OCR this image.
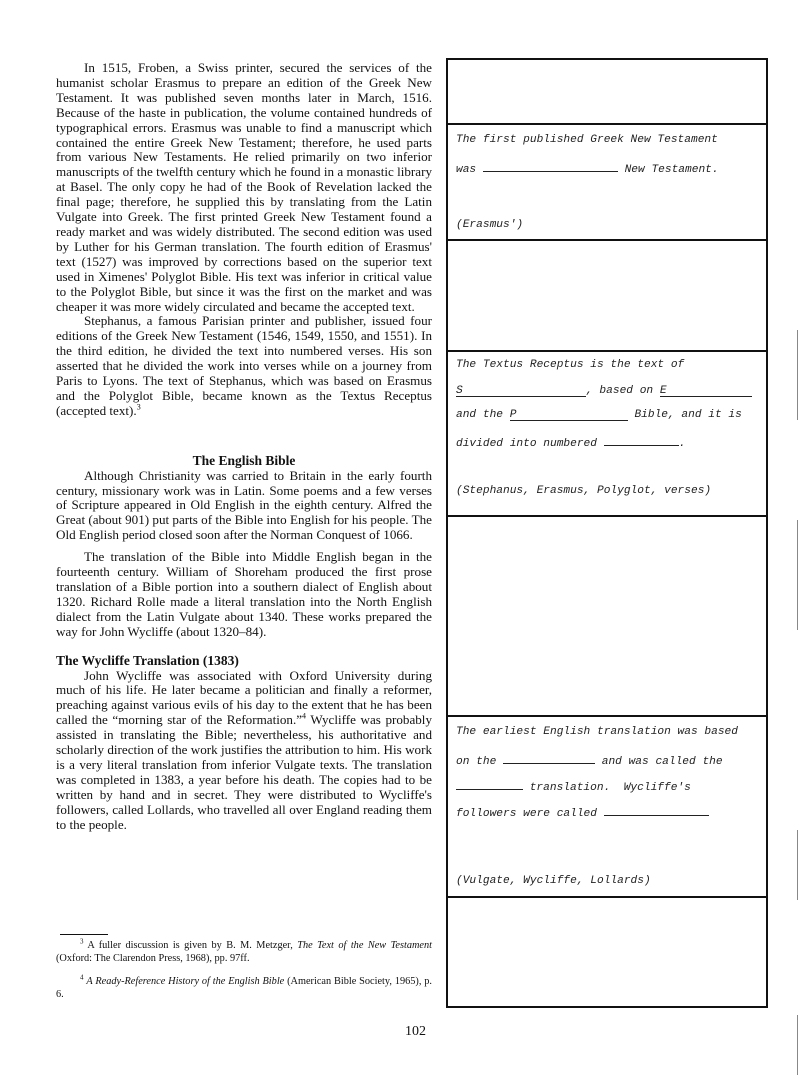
In 1515, Froben, a Swiss printer, secured the services of the humanist scholar Erasmus to prepare an edition of the Greek New Testament. It was published seven months later in March, 1516. Because of the haste in publication, the volume contained hundreds of typographical errors. Erasmus was unable to find a manuscript which contained the entire Greek New Testament; therefore, he used parts from various New Testaments. He relied primarily on two inferior manuscripts of the twelfth century which he found in a monastic library at Basel. The only copy he had of the Book of Revelation lacked the final page; therefore, he supplied this by translating from the Latin Vulgate into Greek. The first printed Greek New Testament found a ready market and was widely distributed. The second edition was used by Luther for his German translation. The fourth edition of Erasmus' text (1527) was improved by corrections based on the superior text used in Ximenes' Polyglot Bible. His text was inferior in critical value to the Polyglot Bible, but since it was the first on the market and was cheaper it was more widely circulated and became the accepted text.

Stephanus, a famous Parisian printer and publisher, issued four editions of the Greek New Testament (1546, 1549, 1550, and 1551). In the third edition, he divided the text into numbered verses. His son asserted that he divided the work into verses while on a journey from Paris to Lyons. The text of Stephanus, which was based on Erasmus and the Polyglot Bible, became known as the Textus Receptus (accepted text).$^3$

The English Bible

Although Christianity was carried to Britain in the early fourth century, missionary work was in Latin. Some poems and a few verses of Scripture appeared in Old English in the eighth century. Alfred the Great (about 901) put parts of the Bible into English for his people. The Old English period closed soon after the Norman Conquest of 1066.

The translation of the Bible into Middle English began in the fourteenth century. William of Shoreham produced the first prose translation of a Bible portion into a southern dialect of English about 1320. Richard Rolle made a literal translation into the North English dialect from the Latin Vulgate about 1340. These works prepared the way for John Wycliffe (about 1320–84).

The Wycliffe Translation (1383)

John Wycliffe was associated with Oxford University during much of his life. He later became a politician and finally a reformer, preaching against various evils of his day to the extent that he has been called the “morning star of the Reformation.”$^4$ Wycliffe was probably assisted in translating the Bible; nevertheless, his authoritative and scholarly direction of the work justifies the attribution to him. His work is a very literal translation from inferior Vulgate texts. The translation was completed in 1383, a year before his death. The copies had to be written by hand and in secret. They were distributed to Wycliffe's followers, called Lollards, who travelled all over England reading them to the people.

The first published Greek New Testament
was	New Testament.
(Erasmus')
The Textus Receptus is the text of
S	, based on E
and the P	Bible, and it is
divided into numbered	.
(Stephanus, Erasmus, Polyglot, verses)
The earliest English translation was based
on the	and was called the
translation.  Wycliffe's
followers were called
(Vulgate, Wycliffe, Lollards)
$^3$ A fuller discussion is given by B. M. Metzger, The Text of the New Testament (Oxford: The Clarendon Press, 1968), pp. 97ff.
$^4$ A Ready-Reference History of the English Bible (American Bible Society, 1965), p. 6.
102
